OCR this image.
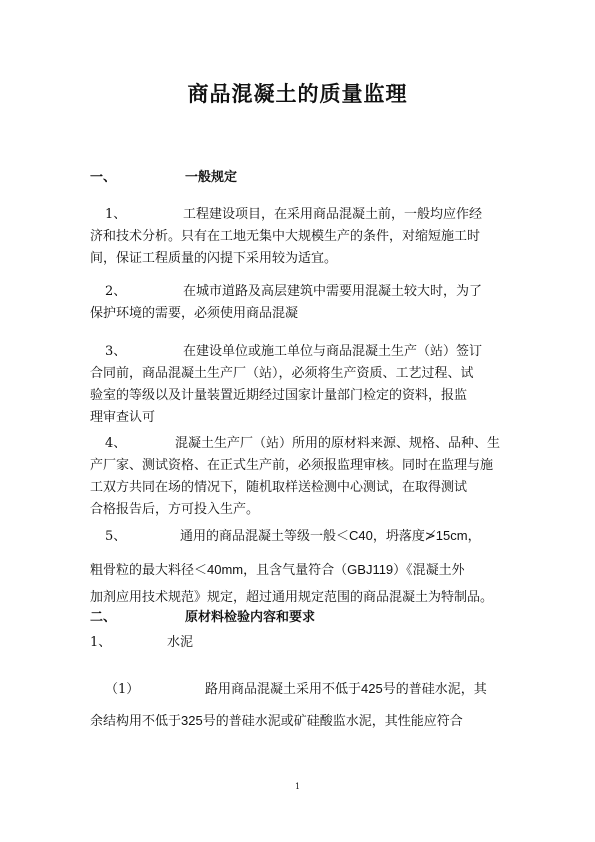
商品混凝土的质量监理
一、	一般规定
1、	工程建设项目，在采用商品混凝土前，一般均应作经
济和技术分析。只有在工地无集中大规模生产的条件，对缩短施工时
间，保证工程质量的闪提下采用较为适宜。
2、	在城市道路及高层建筑中需要用混凝土较大时，为了
保护环境的需要，必须使用商品混凝
3、	在建设单位或施工单位与商品混凝土生产（站）签订
合同前，商品混凝土生产厂（站），必须将生产资质、工艺过程、试
验室的等级以及计量装置近期经过国家计量部门检定的资料，报监
理审查认可
4、	混凝土生产厂（站）所用的原材料来源、规格、品种、生
产厂家、测试资格、在正式生产前，必须报监理审核。同时在监理与施
工双方共同在场的情况下，随机取样送检测中心测试，在取得测试
合格报告后，方可投入生产。
5、	通用的商品混凝土等级一般＜C40，坍落度≯15cm，
粗骨粒的最大料径＜40mm，且含气量符合（GBJ119）《混凝土外
加剂应用技术规范》规定，超过通用规定范围的商品混凝土为特制品。
二、	原材料检验内容和要求
1、	水泥
（1）	路用商品混凝土采用不低于425号的普硅水泥，其
余结构用不低于325号的普硅水泥或矿硅酸监水泥，其性能应符合
1
